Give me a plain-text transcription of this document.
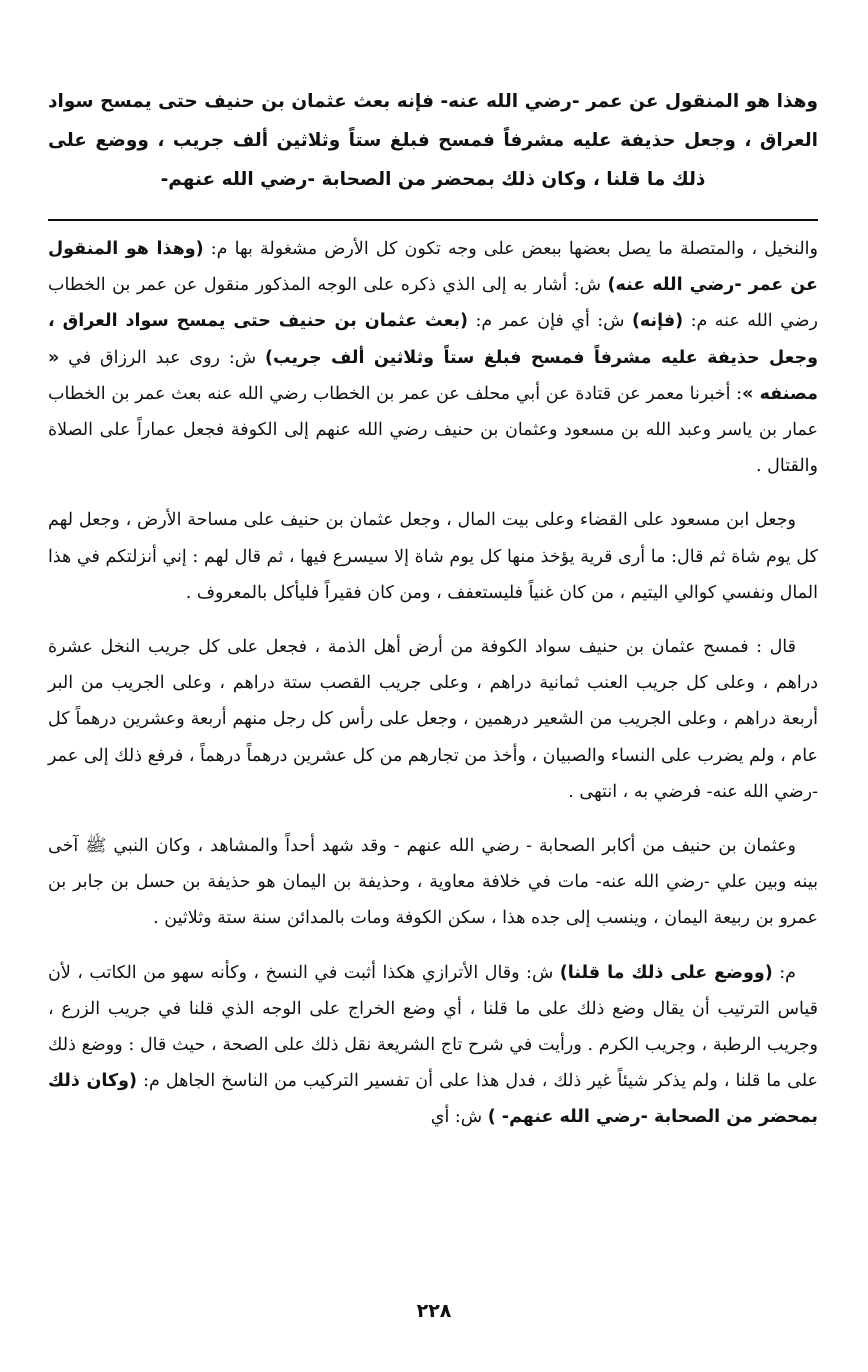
وهذا هو المنقول عن عمر -رضي الله عنه- فإنه بعث عثمان بن حنيف حتى يمسح سواد العراق ، وجعل حذيفة عليه مشرفاً فمسح فبلغ ستاً وثلاثين ألف جريب ، ووضع على ذلك ما قلنا ، وكان ذلك بمحضر من الصحابة -رضي الله عنهم-

والنخيل ، والمتصلة ما يصل بعضها ببعض على وجه تكون كل الأرض مشغولة بها م: (وهذا هو المنقول عن عمر -رضي الله عنه) ش: أشار به إلى الذي ذكره على الوجه المذكور منقول عن عمر بن الخطاب رضي الله عنه م: (فإنه) ش: أي فإن عمر م: (بعث عثمان بن حنيف حتى يمسح سواد العراق ، وجعل حذيفة عليه مشرفاً فمسح فبلغ ستاً وثلاثين ألف جريب) ش: روى عبد الرزاق في « مصنفه »: أخبرنا معمر عن قتادة عن أبي محلف عن عمر بن الخطاب رضي الله عنه بعث عمر بن الخطاب عمار بن ياسر وعبد الله بن مسعود وعثمان بن حنيف رضي الله عنهم إلى الكوفة فجعل عماراً على الصلاة والقتال .

وجعل ابن مسعود على القضاء وعلى بيت المال ، وجعل عثمان بن حنيف على مساحة الأرض ، وجعل لهم كل يوم شاة ثم قال: ما أرى قرية يؤخذ منها كل يوم شاة إلا سيسرع فيها ، ثم قال لهم : إني أنزلتكم في هذا المال ونفسي كوالي اليتيم ، من كان غنياً فليستعفف ، ومن كان فقيراً فليأكل بالمعروف .

قال : فمسح عثمان بن حنيف سواد الكوفة من أرض أهل الذمة ، فجعل على كل جريب النخل عشرة دراهم ، وعلى كل جريب العنب ثمانية دراهم ، وعلى جريب القصب ستة دراهم ، وعلى الجريب من البر أربعة دراهم ، وعلى الجريب من الشعير درهمين ، وجعل على رأس كل رجل منهم أربعة وعشرين درهماً كل عام ، ولم يضرب على النساء والصبيان ، وأخذ من تجارهم من كل عشرين درهماً درهماً ، فرفع ذلك إلى عمر -رضي الله عنه- فرضي به ، انتهى .

وعثمان بن حنيف من أكابر الصحابة - رضي الله عنهم - وقد شهد أحداً والمشاهد ، وكان النبي ﷺ آخى بينه وبين علي -رضي الله عنه- مات في خلافة معاوية ، وحذيفة بن اليمان هو حذيفة بن حسل بن جابر بن عمرو بن ربيعة اليمان ، وينسب إلى جده هذا ، سكن الكوفة ومات بالمدائن سنة ستة وثلاثين .

م: (ووضع على ذلك ما قلنا) ش: وقال الأترازي هكذا أثبت في النسخ ، وكأنه سهو من الكاتب ، لأن قياس الترتيب أن يقال وضع ذلك على ما قلنا ، أي وضع الخراج على الوجه الذي قلنا في جريب الزرع ، وجريب الرطبة ، وجريب الكرم . ورأيت في شرح تاج الشريعة نقل ذلك على الصحة ، حيث قال : ووضع ذلك على ما قلنا ، ولم يذكر شيئاً غير ذلك ، فدل هذا على أن تفسير التركيب من الناسخ الجاهل م: (وكان ذلك بمحضر من الصحابة -رضي الله عنهم- ) ش: أي

٢٢٨
